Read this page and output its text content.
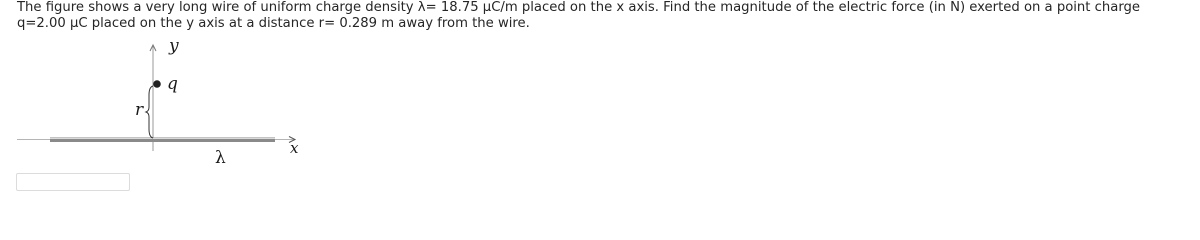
The figure shows a very long wire of uniform charge density λ= 18.75 μC/m placed on the x axis. Find the magnitude of the electric force (in N) exerted on a point charge q=2.00 μC placed on the y axis at a distance r= 0.289 m away from the wire.

y
q
r
λ	x
